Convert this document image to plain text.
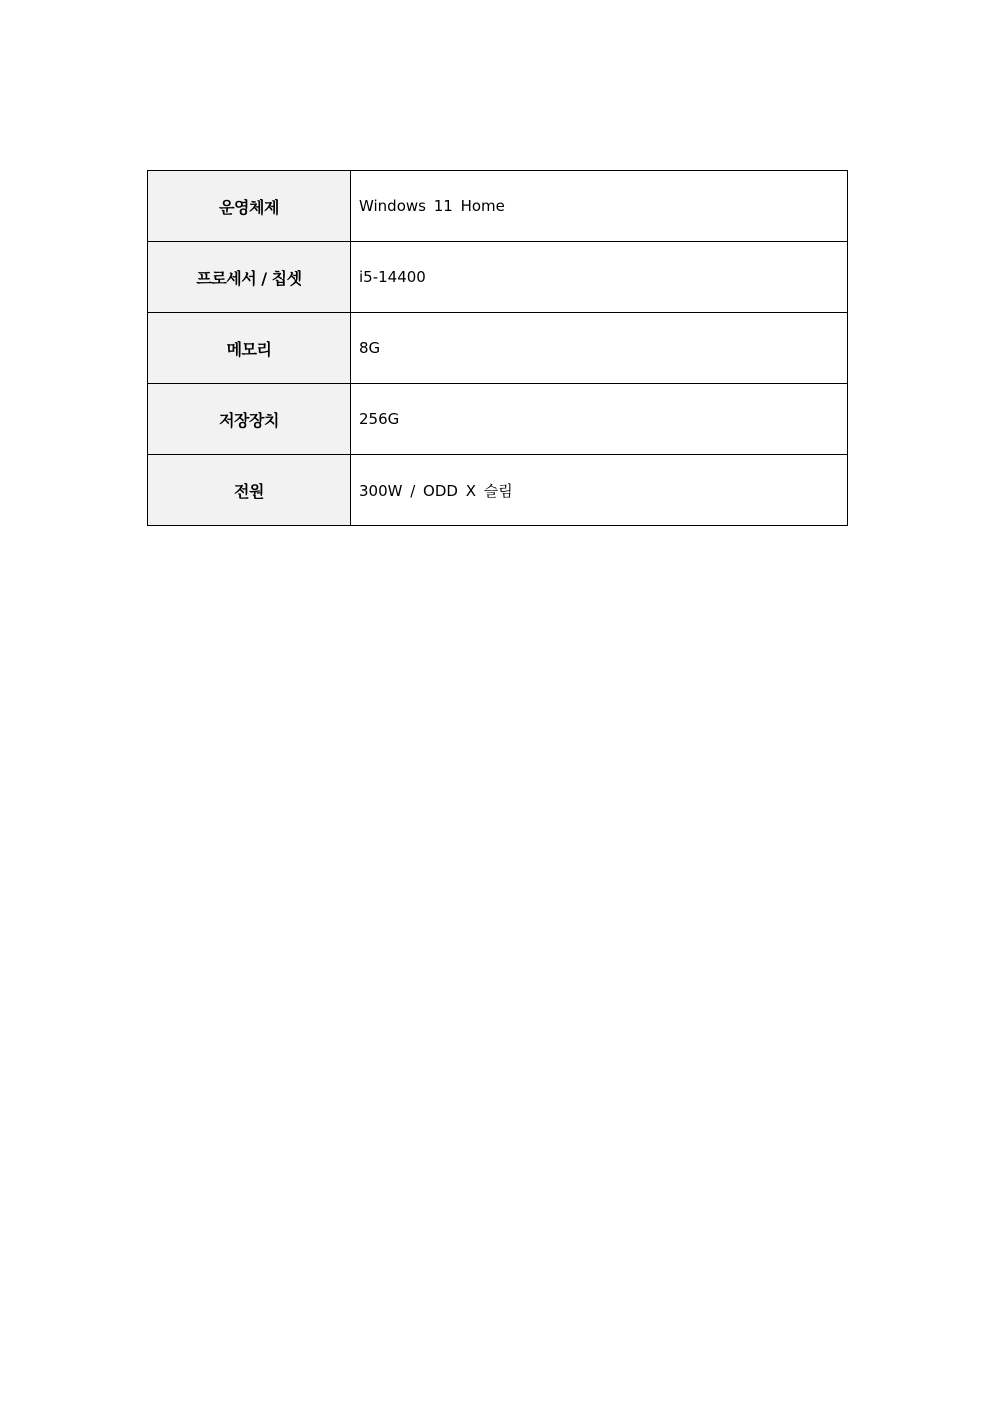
운영체제	Windows 11 Home
프로세서 / 칩셋	i5-14400
메모리	8G
저장장치	256G
전원	300W / ODD X 슬림
